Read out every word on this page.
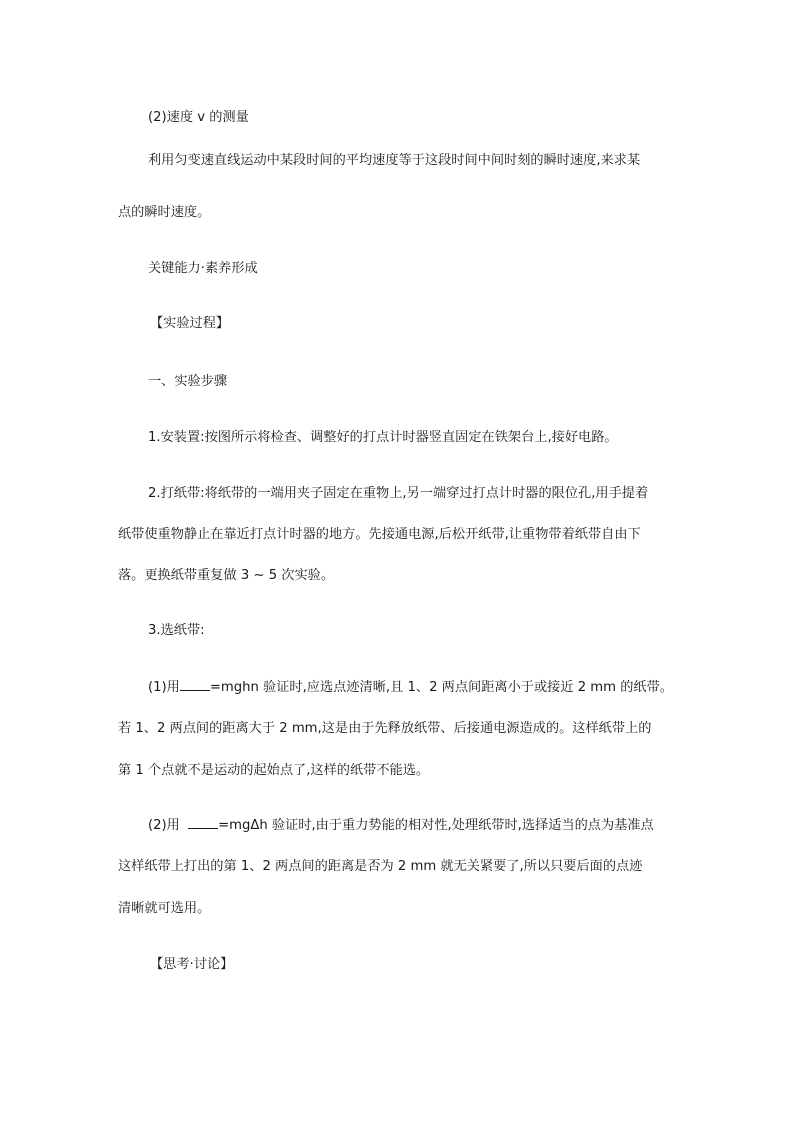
(2)速度 v 的测量
利用匀变速直线运动中某段时间的平均速度等于这段时间中间时刻的瞬时速度,来求某
点的瞬时速度。
关键能力·素养形成
【实验过程】
一、实验步骤
1.安装置:按图所示将检查、调整好的打点计时器竖直固定在铁架台上,接好电路。
2.打纸带:将纸带的一端用夹子固定在重物上,另一端穿过打点计时器的限位孔,用手提着
纸带使重物静止在靠近打点计时器的地方。先接通电源,后松开纸带,让重物带着纸带自由下
落。更换纸带重复做 3 ~ 5 次实验。
3.选纸带:
(1)用 =mghn 验证时,应选点迹清晰,且 1、2 两点间距离小于或接近 2 mm 的纸带。
若 1、2 两点间的距离大于 2 mm,这是由于先释放纸带、后接通电源造成的。这样纸带上的
第 1 个点就不是运动的起始点了,这样的纸带不能选。
(2)用	=mgΔh 验证时,由于重力势能的相对性,处理纸带时,选择适当的点为基准点
这样纸带上打出的第 1、2 两点间的距离是否为 2 mm 就无关紧要了,所以只要后面的点迹
清晰就可选用。
【思考·讨论】
